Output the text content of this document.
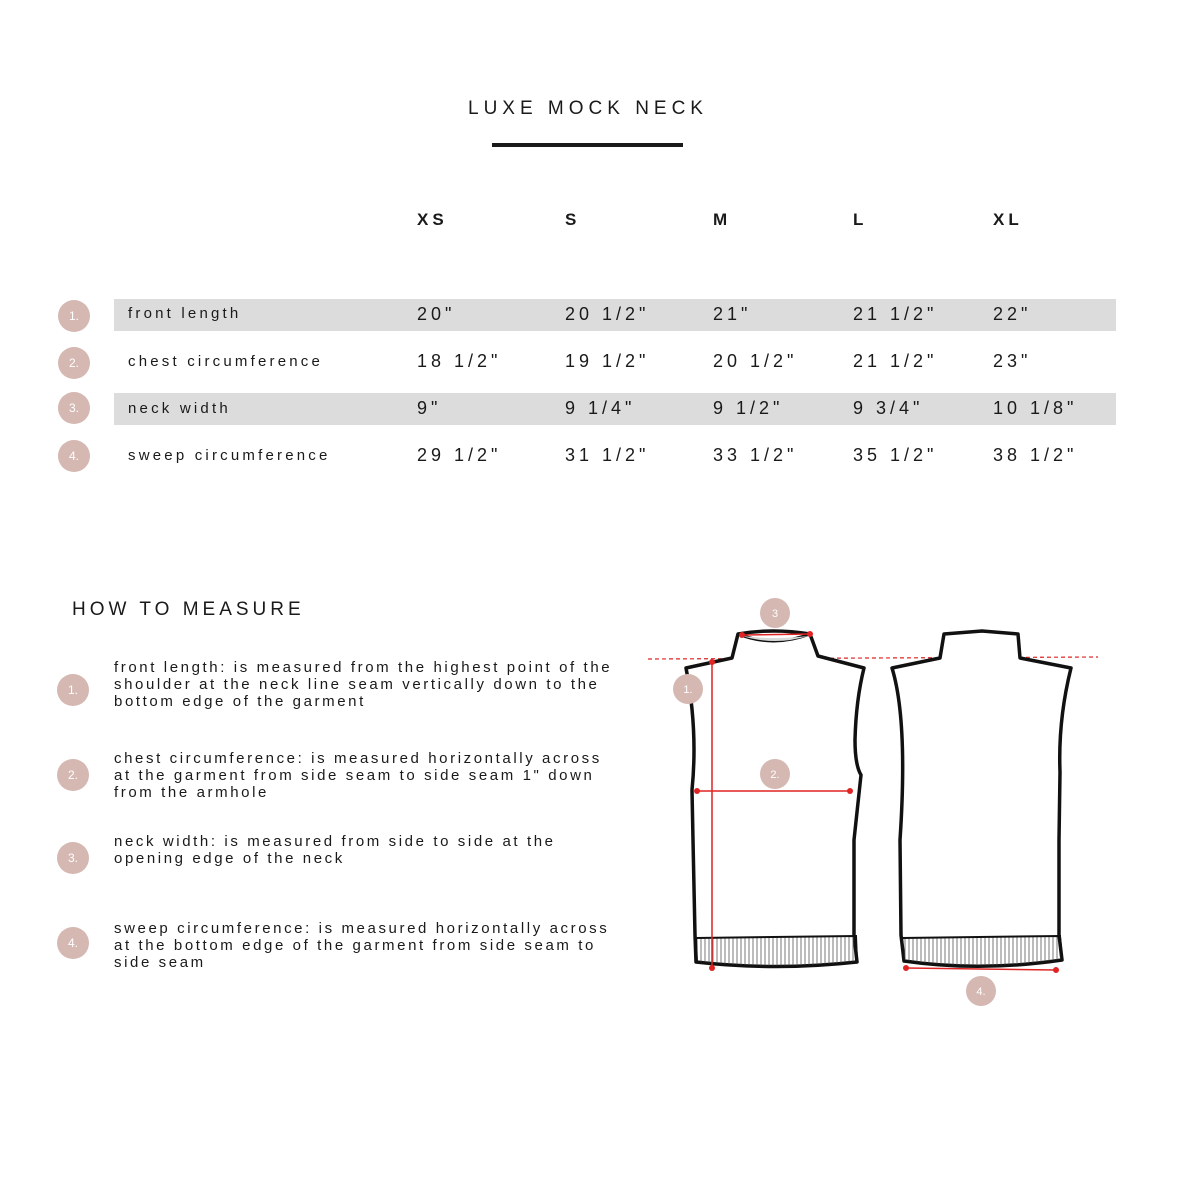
LUXE MOCK NECK
XS	S	M	L	XL
1.	front length	20"	20 1/2"	21"	21 1/2"	22"
2.	chest circumference	18 1/2"	19 1/2"	20 1/2"	21 1/2"	23"
3.	neck width	9"	9 1/4"	9 1/2"	9 3/4"	10 1/8"
4.	sweep circumference	29 1/2"	31 1/2"	33 1/2"	35 1/2"	38 1/2"
HOW TO MEASURE
1.
front length: is measured from the highest point of the shoulder at the neck line seam vertically down to the bottom edge of the garment
2.
chest circumference: is measured horizontally across at the garment from side seam to side seam 1" down from the armhole
3.
neck width: is measured from side to side at the opening edge of the neck
4.
sweep circumference: is measured horizontally across at the bottom edge of the garment from side seam to side seam
3
1.
2.
4.
